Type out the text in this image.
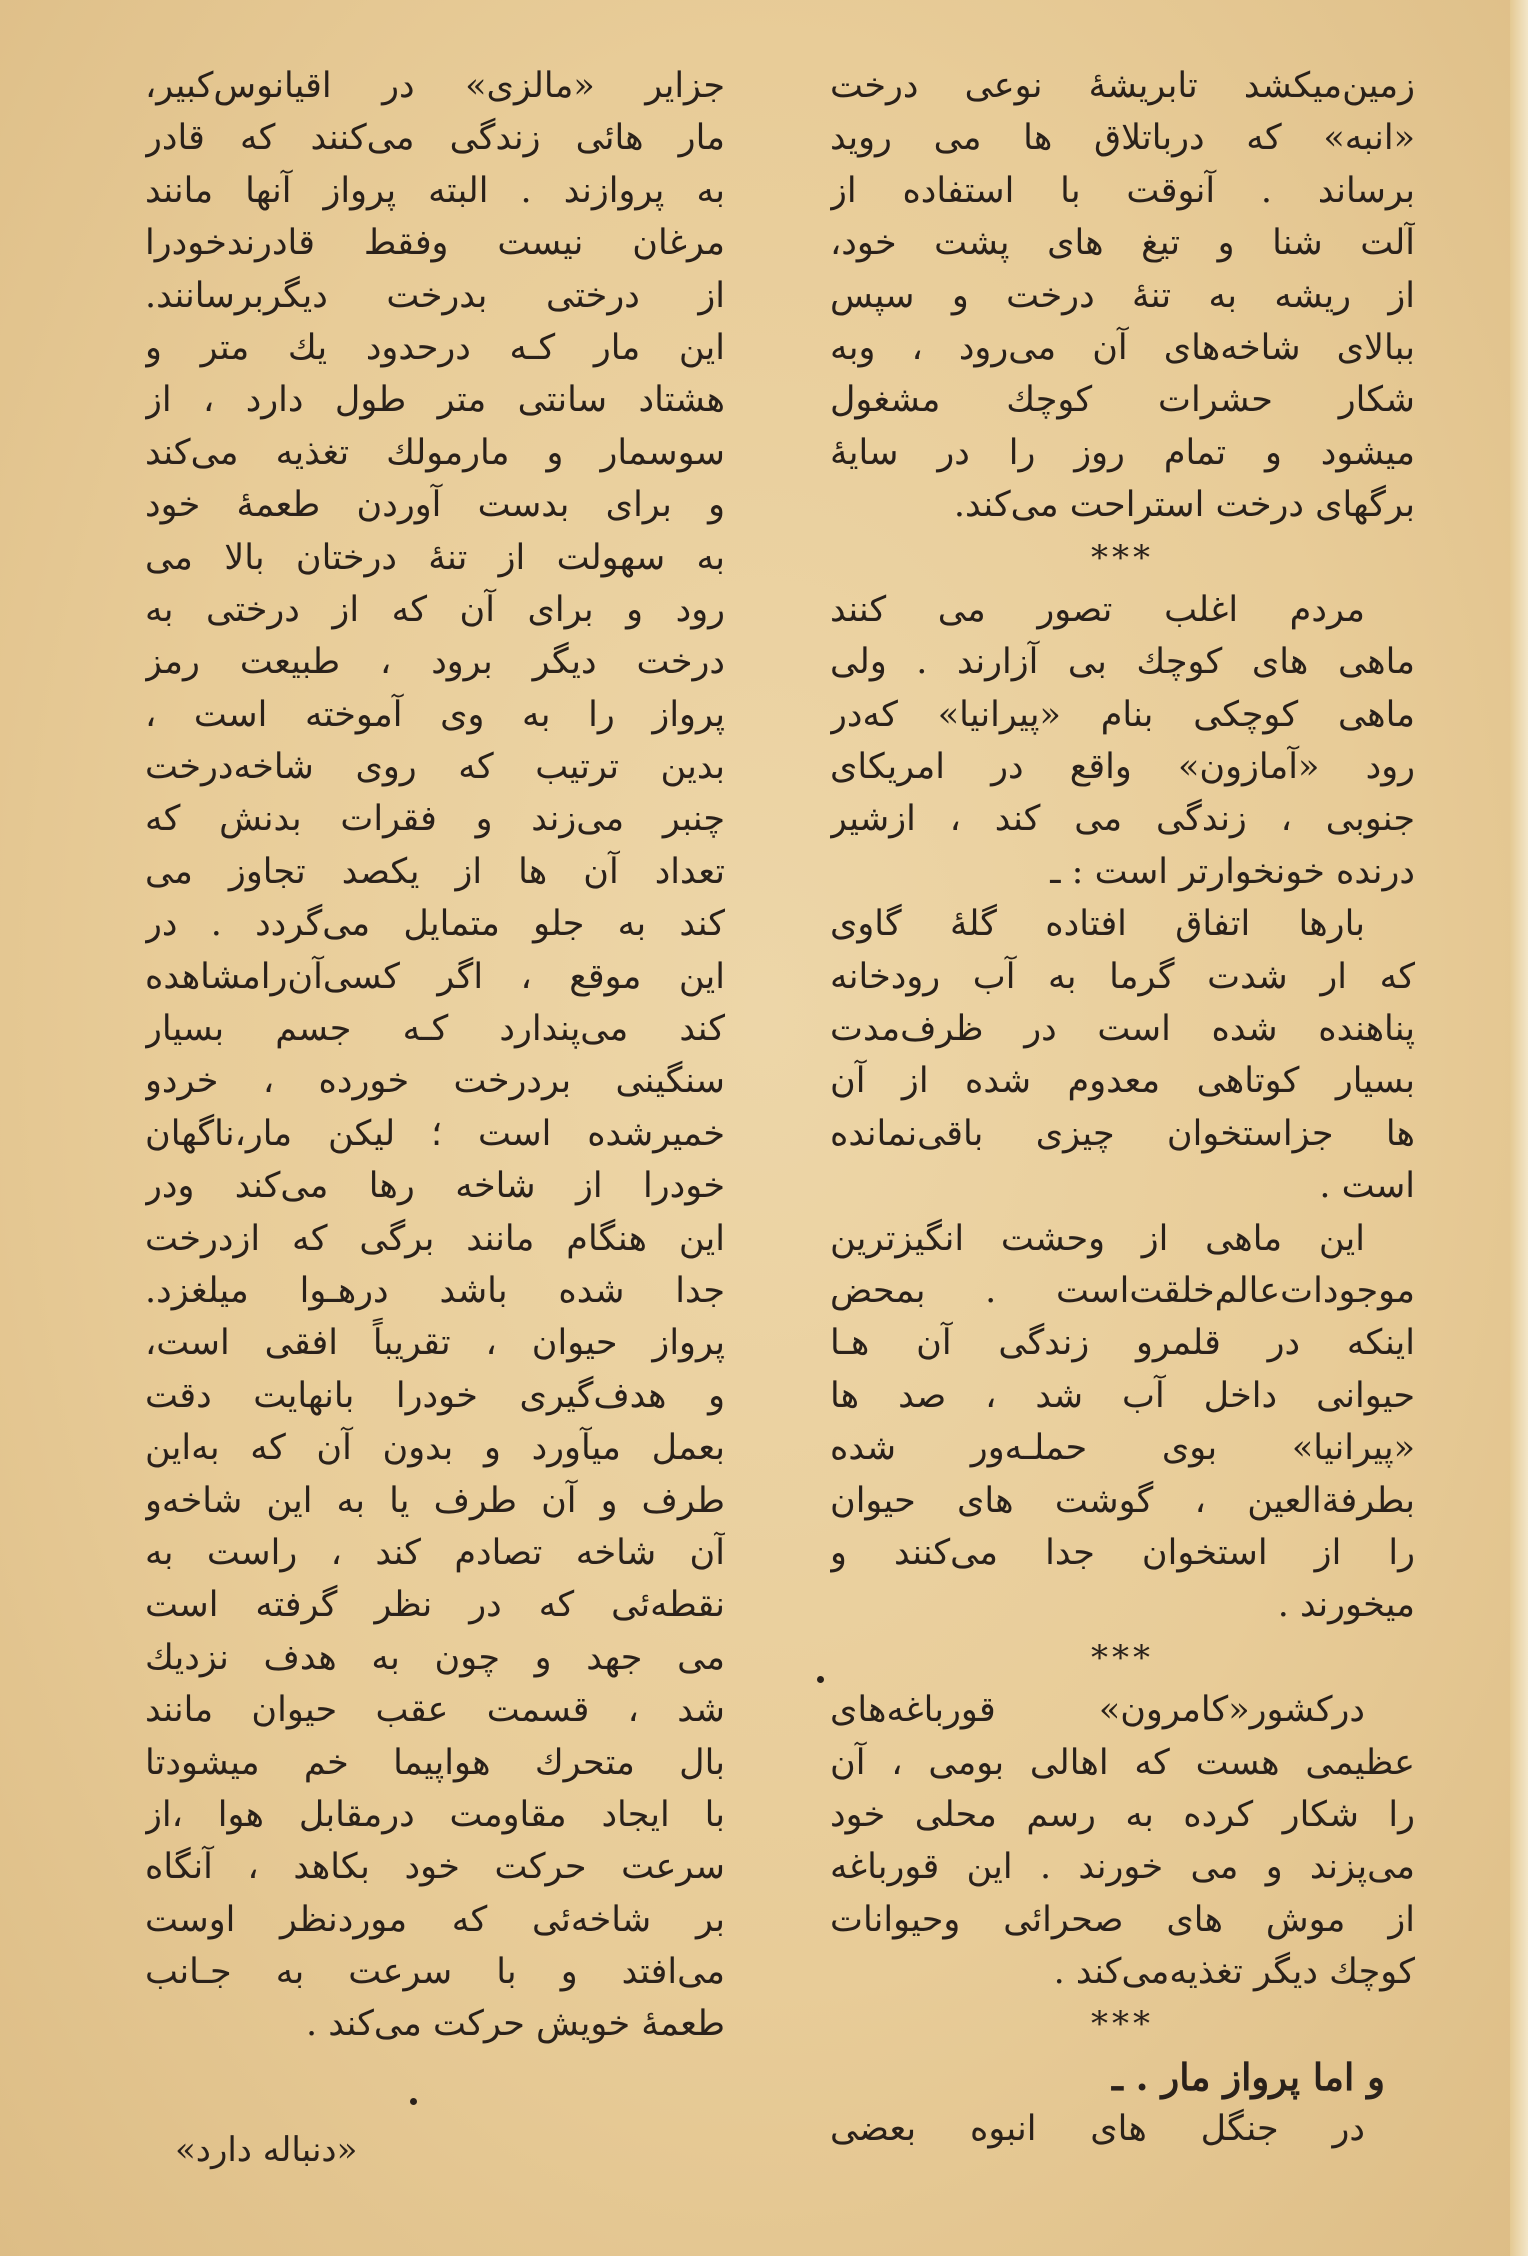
زمین‌میکشد تابریشهٔ نوعی درخت
«انبه» که درباتلاق ها می روید
برساند . آنوقت با استفاده از
آلت شنا و تیغ های پشت خود،
از ریشه به تنهٔ درخت و سپس
ببالای شاخه‌های آن می‌رود ، وبه
شکار حشرات کوچك مشغول
میشود و تمام روز را در سایهٔ
برگهای درخت استراحت می‌کند.
***
مردم اغلب تصور می کنند
ماهی های کوچك بی آزارند . ولی
ماهی کوچکی بنام «پیرانیا» که‌در
رود «آمازون» واقع در امریکای
جنوبی ، زندگی می کند ، ازشیر
درنده خونخوارتر است : ـ
بارها اتفاق افتاده گلهٔ گاوی
که ار شدت گرما به آب رودخانه
پناهنده شده است در ظرف‌مدت
بسیار کوتاهی معدوم شده از آن
ها جزاستخوان چیزی باقی‌نمانده
است .
این ماهی از وحشت انگیزترین
موجودات‌عالم‌خلقت‌است . بمحض
اینکه در قلمرو زندگی آن هـا
حیوانی داخل آب شد ، صد ها
«پیرانیا» بوی حملـه‌ور شده
بطرفة‌العین ، گوشت های حیوان
را از استخوان جدا می‌کنند و
میخورند .
***
درکشور«کامرون» قورباغه‌های
عظیمی هست که اهالی بومی ، آن
را شکار کرده به رسم محلی خود
می‌پزند و می خورند . این قورباغه
از موش های صحرائی وحیوانات
کوچك دیگر تغذیه‌می‌کند .
***
و اما پرواز مار . ـ
در جنگل های انبوه بعضی
جزایر «مالزی» در اقیانوس‌کبیر،
مار هائی زندگی می‌کنند که قادر
به پروازند . البته پرواز آنها مانند
مرغان نیست وفقط قادرندخودرا
از درختی بدرخت دیگربرسانند.
این مار کـه درحدود یك متر و
هشتاد سانتی متر طول دارد ، از
سوسمار و مارمولك تغذیه می‌کند
و برای بدست آوردن طعمهٔ خود
به سهولت از تنهٔ درختان بالا می
رود و برای آن که از درختی به
درخت دیگر برود ، طبیعت رمز
پرواز را به وی آموخته است ،
بدین ترتیب که روی شاخه‌درخت
چنبر می‌زند و فقرات بدنش که
تعداد آن ها از یکصد تجاوز می
کند به جلو متمایل می‌گردد . در
این موقع ، اگر کسی‌آن‌رامشاهده
کند می‌پندارد کـه جسم بسیار
سنگینی بردرخت خورده ، خردو
خمیرشده است ؛ لیکن مار،ناگهان
خودرا از شاخه رها می‌کند ودر
این هنگام مانند برگی که ازدرخت
جدا شده باشد درهـوا میلغزد.
پرواز حیوان ، تقریباً افقی است،
و هدف‌گیری خودرا بانهایت دقت
بعمل میآورد و بدون آن که به‌این
طرف و آن طرف یا به این شاخه‌و
آن شاخه تصادم کند ، راست به
نقطه‌ئی که در نظر گرفته است
می جهد و چون به هدف نزدیك
شد ، قسمت عقب حیوان مانند
بال متحرك هواپیما خم میشودتا
با ایجاد مقاومت درمقابل هوا ،از
سرعت حرکت خود بکاهد ، آنگاه
بر شاخه‌ئی که موردنظر اوست
می‌افتد و با سرعت به جـانب
طعمهٔ خویش حرکت می‌کند .
«دنباله دارد»
